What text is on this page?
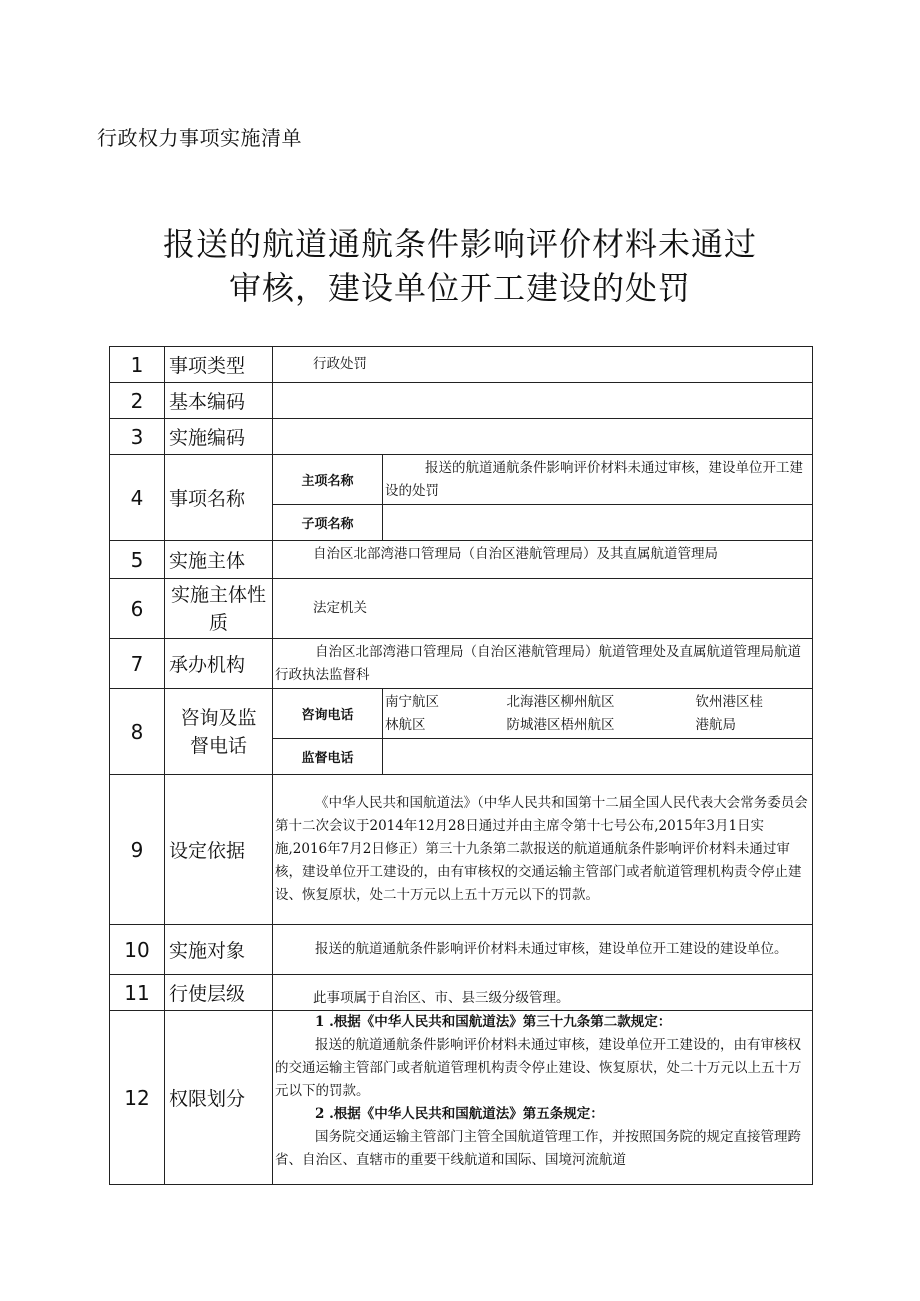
行政权力事项实施清单
报送的航道通航条件影响评价材料未通过
审核，建设单位开工建设的处罚
1	事项类型	行政处罚	
2	基本编码		
3	实施编码		
4	事项名称	主项名称	报送的航道通航条件影响评价材料未通过审核，建设单位开工建设的处罚

		子项名称	
5	实施主体	自治区北部湾港口管理局（自治区港航管理局）及其直属航道管理局	
6	实施主体性质	法定机关	
7	承办机构	自治区北部湾港口管理局（自治区港航管理局）航道管理处及直属航道管理局航道行政执法监督科	

8	咨询及监督电话	咨询电话	南宁航区　　　　　北海港区柳州航区　　　　　　钦州港区桂
林航区　　　　　　防城港区梧州航区　　　　　　港航局

		监督电话	
9	设定依据	《中华人民共和国航道法》（中华人民共和国第十二届全国人民代表大会常务委员会第十二次会议于2014年12月28日通过并由主席令第十七号公布,2015年3月1日实施,2016年7月2日修正）第三十九条第二款报送的航道通航条件影响评价材料未通过审核，建设单位开工建设的，由有审核权的交通运输主管部门或者航道管理机构责令停止建设、恢复原状，处二十万元以上五十万元以下的罚款。	

10	实施对象	报送的航道通航条件影响评价材料未通过审核，建设单位开工建设的建设单位。	

11	行使层级	此事项属于自治区、市、县三级分级管理。	
12	权限划分	1 .根据《中华人民共和国航道法》第三十九条第二款规定：

报送的航道通航条件影响评价材料未通过审核，建设单位开工建设的，由有审核权的交通运输主管部门或者航道管理机构责令停止建设、恢复原状，处二十万元以上五十万元以下的罚款。

2 .根据《中华人民共和国航道法》第五条规定：

国务院交通运输主管部门主管全国航道管理工作，并按照国务院的规定直接管理跨省、自治区、直辖市的重要干线航道和国际、国境河流航道	
